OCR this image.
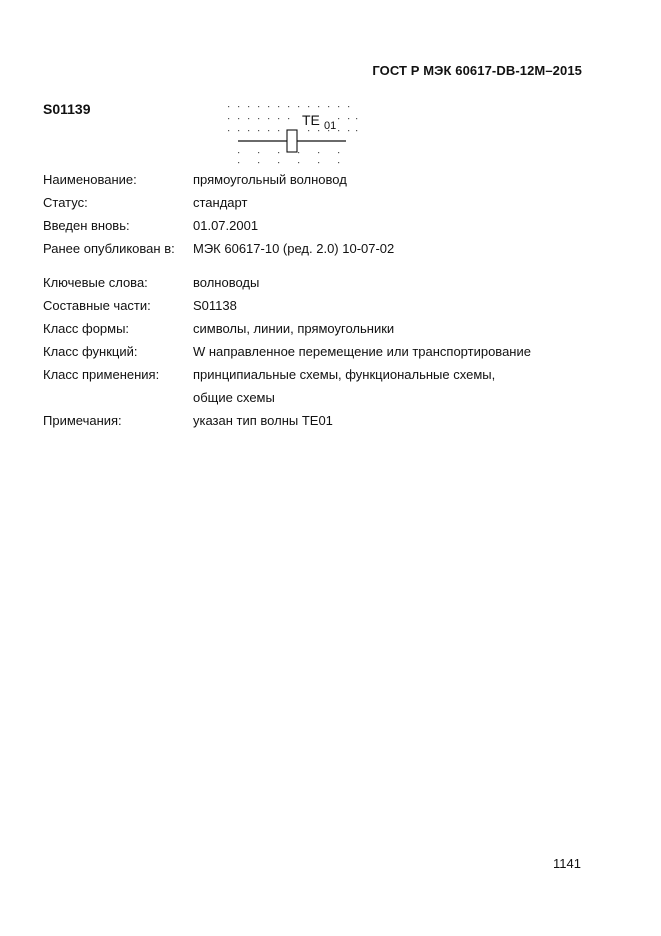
ГОСТ Р МЭК 60617-DB-12M–2015
S01139
TE 01
Наименование:	прямоугольный волновод
Статус:	стандарт
Введен вновь:	01.07.2001
Ранее опубликован в: МЭК 60617-10 (ред. 2.0) 10-07-02
Ключевые слова:	волноводы
Составные части:	S01138
Класс формы:	символы, линии, прямоугольники
Класс функций:	W направленное перемещение или транспортирование
Класс применения:	принципиальные схемы, функциональные схемы,
общие схемы
Примечания:	указан тип волны TE01
1141
